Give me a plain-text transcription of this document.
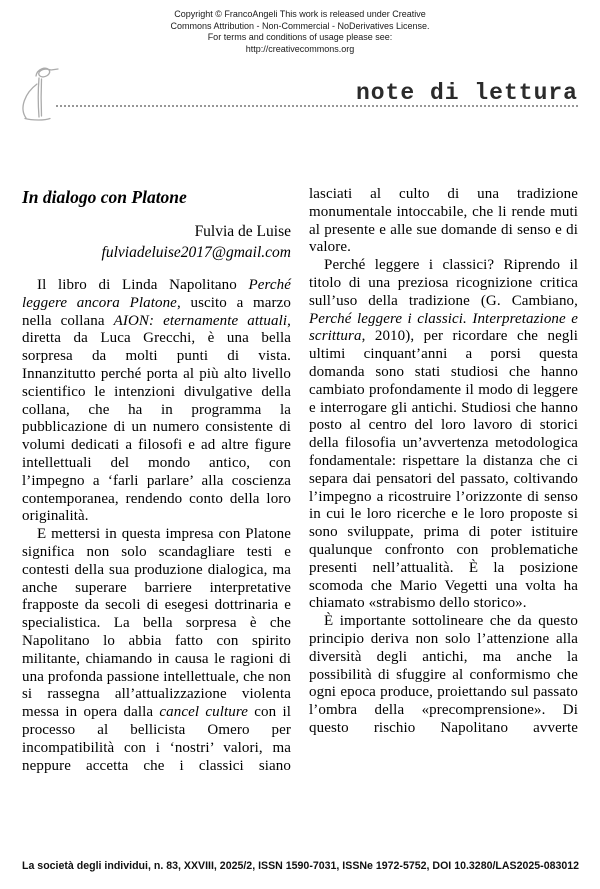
Copyright © FrancoAngeli This work is released under Creative
Commons Attribution - Non-Commercial - NoDerivatives License.
For terms and conditions of usage please see:
http://creativecommons.org
note di lettura
In dialogo con Platone
Fulvia de Luise
fulviadeluise2017@gmail.com

Il libro di Linda Napolitano Perché leggere ancora Platone, uscito a marzo nella collana AION: eternamente attuali, diretta da Luca Grecchi, è una bella sorpresa da molti punti di vista. Innanzitutto perché porta al più alto livello scientifico le intenzioni divulgative della collana, che ha in programma la pubblicazione di un numero consistente di volumi dedicati a filosofi e ad altre figure intellettuali del mondo antico, con l’impegno a ‘farli parlare’ alla coscienza contemporanea, rendendo conto della loro originalità.

E mettersi in questa impresa con Platone significa non solo scandagliare testi e contesti della sua produzione dialogica, ma anche superare barriere interpretative frapposte da secoli di esegesi dottrinaria e specialistica. La bella sorpresa è che Napolitano lo abbia fatto con spirito militante, chiamando in causa le ragioni di una profonda passione intellettuale, che non si rassegna all’attualizzazione violenta messa in opera dalla cancel culture con il processo al bellicista Omero per incompatibilità con i ‘nostri’ valori, ma neppure accetta che i classici siano

lasciati al culto di una tradizione monumentale intoccabile, che li rende muti al presente e alle sue domande di senso e di valore.

Perché leggere i classici? Riprendo il titolo di una preziosa ricognizione critica sull’uso della tradizione (G. Cambiano, Perché leggere i classici. Interpretazione e scrittura, 2010), per ricordare che negli ultimi cinquant’anni a porsi questa domanda sono stati studiosi che hanno cambiato profondamente il modo di leggere e interrogare gli antichi. Studiosi che hanno posto al centro del loro lavoro di storici della filosofia un’avvertenza metodologica fondamentale: rispettare la distanza che ci separa dai pensatori del passato, coltivando l’impegno a ricostruire l’orizzonte di senso in cui le loro ricerche e le loro proposte si sono sviluppate, prima di poter istituire qualunque confronto con problematiche presenti nell’attualità. È la posizione scomoda che Mario Vegetti una volta ha chiamato «strabismo dello storico».

È importante sottolineare che da questo principio deriva non solo l’attenzione alla diversità degli antichi, ma anche la possibilità di sfuggire al conformismo che ogni epoca produce, proiettando sul passato l’ombra della «precomprensione». Di questo rischio Napolitano avverte

La società degli individui, n. 83, XXVIII, 2025/2, ISSN 1590-7031, ISSNe 1972-5752, DOI 10.3280/LAS2025-083012
